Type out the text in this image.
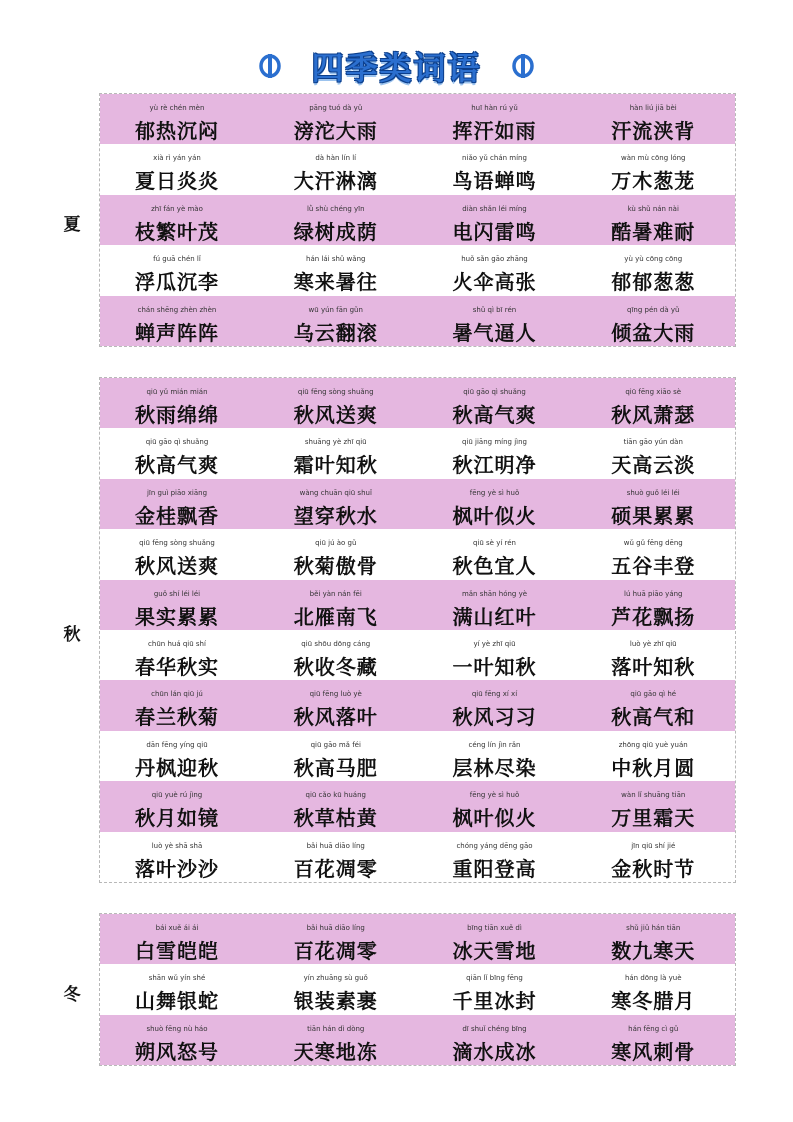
四季类词语
夏
yù rè chén mèn
郁热沉闷
pāng tuó dà yǔ
滂沱大雨
huī hàn rú yǔ
挥汗如雨
hàn liú jiā bèi
汗流浃背
xià rì yán yán
夏日炎炎
dà hàn lín lí
大汗淋漓
niǎo yǔ chán míng
鸟语蝉鸣
wàn mù cōng lóng
万木葱茏
zhī fán yè mào
枝繁叶茂
lǜ shù chéng yīn
绿树成荫
diàn shǎn léi míng
电闪雷鸣
kù shǔ nán nài
酷暑难耐
fú guā chén lǐ
浮瓜沉李
hán lái shǔ wǎng
寒来暑往
huǒ sǎn gāo zhāng
火伞高张
yù yù cōng cōng
郁郁葱葱
chán shēng zhèn zhèn
蝉声阵阵
wū yún fān gǔn
乌云翻滚
shǔ qì bī rén
暑气逼人
qīng pén dà yǔ
倾盆大雨
秋
qiū yǔ mián mián
秋雨绵绵
qiū fēng sòng shuǎng
秋风送爽
qiū gāo qì shuǎng
秋高气爽
qiū fēng xiāo sè
秋风萧瑟
qiū gāo qì shuǎng
秋高气爽
shuāng yè zhī qiū
霜叶知秋
qiū jiāng míng jìng
秋江明净
tiān gāo yún dàn
天高云淡
jīn guì piāo xiāng
金桂飘香
wàng chuān qiū shuǐ
望穿秋水
fēng yè sì huǒ
枫叶似火
shuò guǒ léi léi
硕果累累
qiū fēng sòng shuǎng
秋风送爽
qiū jú ào gǔ
秋菊傲骨
qiū sè yí rén
秋色宜人
wǔ gǔ fēng dēng
五谷丰登
guǒ shí léi léi
果实累累
běi yàn nán fēi
北雁南飞
mǎn shān hóng yè
满山红叶
lú huā piāo yáng
芦花飘扬
chūn huá qiū shí
春华秋实
qiū shōu dōng cáng
秋收冬藏
yí yè zhī qiū
一叶知秋
luò yè zhī qiū
落叶知秋
chūn lán qiū jú
春兰秋菊
qiū fēng luò yè
秋风落叶
qiū fēng xí xí
秋风习习
qiū gāo qì hé
秋高气和
dān fēng yíng qiū
丹枫迎秋
qiū gāo mǎ féi
秋高马肥
céng lín jìn rǎn
层林尽染
zhōng qiū yuè yuán
中秋月圆
qiū yuè rú jìng
秋月如镜
qiū cǎo kū huáng
秋草枯黄
fēng yè sì huǒ
枫叶似火
wàn lǐ shuāng tiān
万里霜天
luò yè shā shā
落叶沙沙
bǎi huā diāo líng
百花凋零
chóng yáng dēng gāo
重阳登高
jīn qiū shí jié
金秋时节
冬
bái xuě ái ái
白雪皑皑
bǎi huā diāo líng
百花凋零
bīng tiān xuě dì
冰天雪地
shǔ jiǔ hán tiān
数九寒天
shān wǔ yín shé
山舞银蛇
yín zhuāng sù guǒ
银装素裹
qiān lǐ bīng fēng
千里冰封
hán dōng là yuè
寒冬腊月
shuò fēng nù háo
朔风怒号
tiān hán dì dòng
天寒地冻
dī shuǐ chéng bīng
滴水成冰
hán fēng cì gǔ
寒风刺骨
